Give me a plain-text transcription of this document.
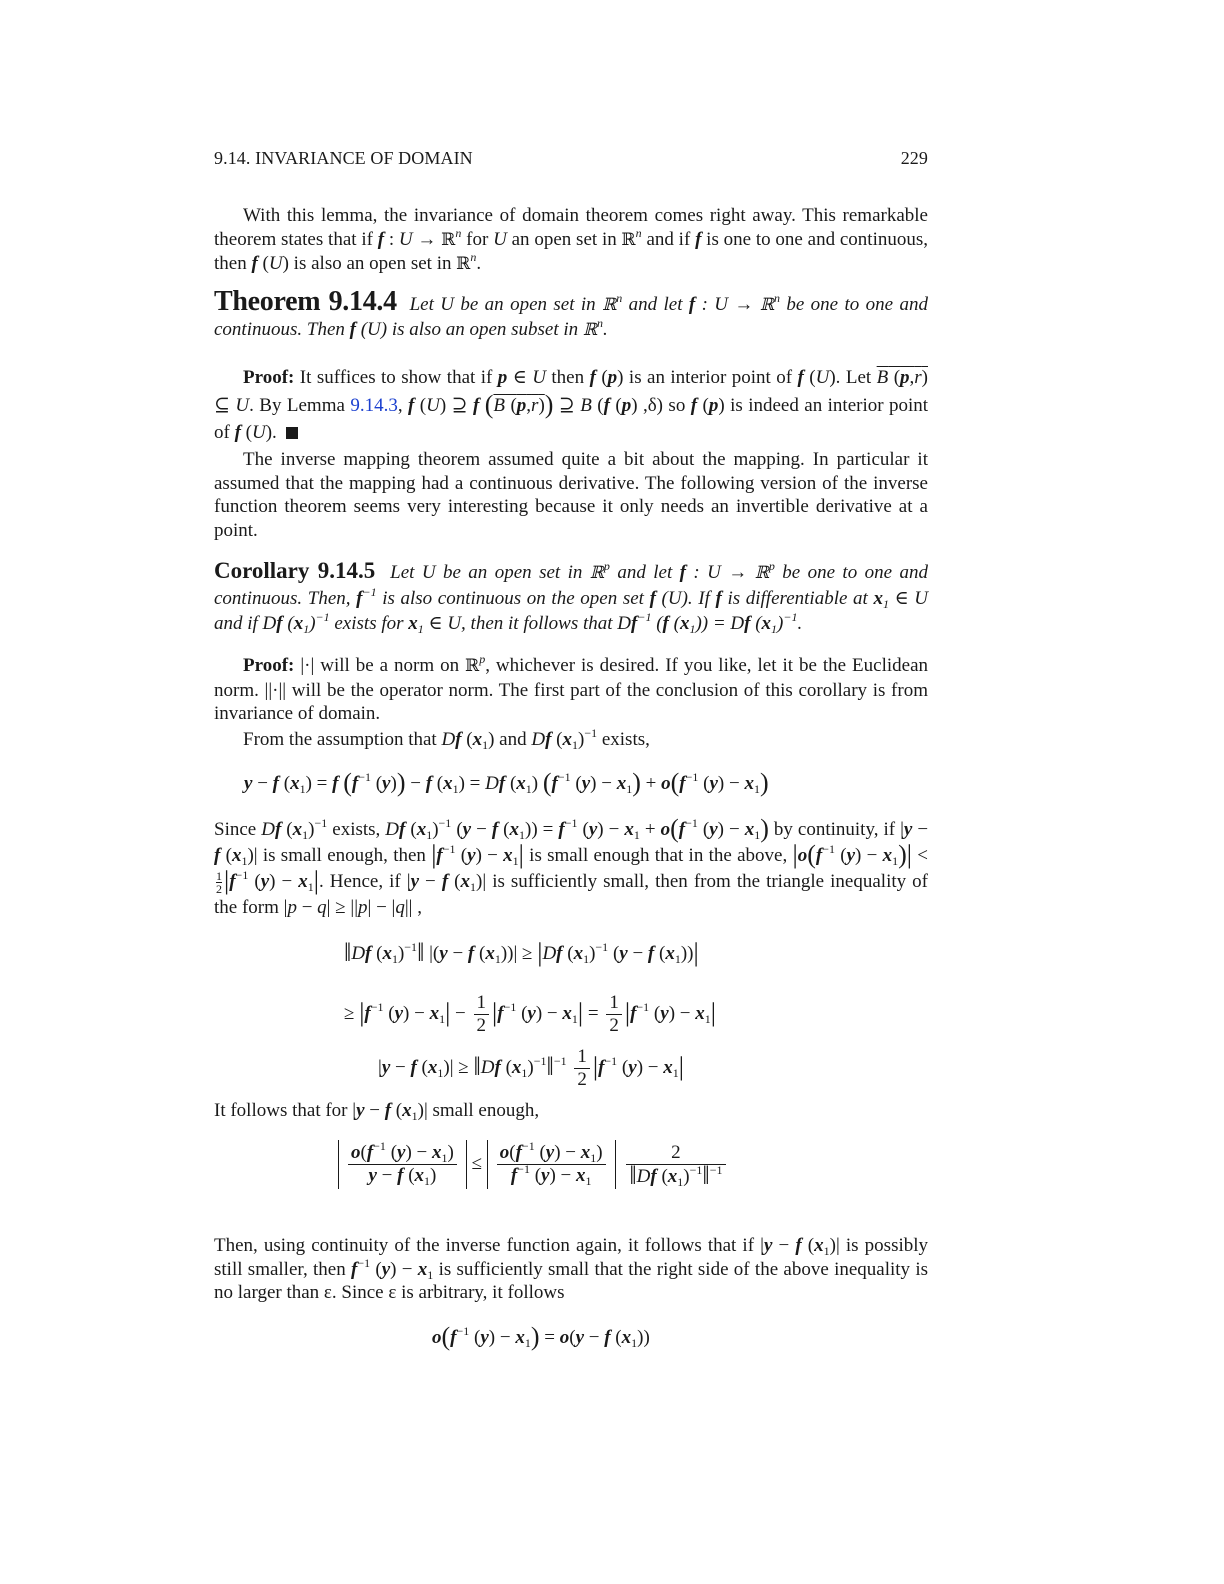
9.14. INVARIANCE OF DOMAIN	229

With this lemma, the invariance of domain theorem comes right away. This remarkable theorem states that if f : U → ℝ$^n$ for U an open set in ℝ$^n$ and if f is one to one and continuous, then f (U) is also an open set in ℝ$^n$.

Theorem 9.14.4 Let U be an open set in ℝ$^n$ and let f : U → ℝ$^n$ be one to one and continuous. Then f (U) is also an open subset in ℝ$^n$.

Proof: It suffices to show that if p ∈ U then f (p) is an interior point of f (U). Let B (p,r) ⊆ U. By Lemma 9.14.3, f (U) ⊇ f (B (p,r)) ⊇ B (f (p) ,δ) so f (p) is indeed an interior point of f (U).

The inverse mapping theorem assumed quite a bit about the mapping. In particular it assumed that the mapping had a continuous derivative. The following version of the inverse function theorem seems very interesting because it only needs an invertible derivative at a point.

Corollary 9.14.5 Let U be an open set in ℝ$^p$ and let f : U → ℝ$^p$ be one to one and continuous. Then, $f^{-1}$ is also continuous on the open set f (U). If f is differentiable at $x_1$ ∈ U and if Df $(x_1)^{-1}$ exists for $x_1$ ∈ U, then it follows that $Df^{-1}$ (f $(x_1)) = Df$ $(x_1)^{-1}$.

Proof: |·| will be a norm on ℝ$^p$, whichever is desired. If you like, let it be the Euclidean norm. ||·|| will be the operator norm. The first part of the conclusion of this corollary is from invariance of domain.

From the assumption that Df $(x_1)$ and Df $(x_1)^{-1}$ exists,

y − f $(x_1) = f$ ($f^{-1}$ (y)) − f $(x_1) = Df$ $(x_1)$ ($f^{-1}$ $(y) - x_1) + o(f^{-1}$ $(y) - x_1$)

Since Df $(x_1)^{-1}$ exists, Df $(x_1)^{-1}$ (y − f $(x_1)) = f^{-1}$ $(y) - x_1 + o(f^{-1}$ $(y) - x_1$) by continuity, if |y − f $(x_1)|$ is small enough, then $|f^{-1}$ $(y) - x_1|$ is small enough that in the above, $|o(f^{-1}$ $(y) - x_1)|$ <
$\frac{1}{2} |f^{-1}$ $(y) - x_1|$. Hence, if |y − f $(x_1)|$ is sufficiently small, then from the triangle inequality of the form |p − q| ≥ ||p| − |q|| ,

‖Df $(x_1)^{-1}‖$ |(y − f $(x_1))| \ge |Df$ $(x_1)^{-1}$ (y − f $(x_1))|$
≥ $|f^{-1}$ $(y) - x_1| - \frac{1}{2} |f^{-1}$ $(y) - x_1| = \frac{1}{2} |f^{-1}$ $(y) - x_1|$
|y − f $(x_1)|$ ≥ ‖Df $(x_1)^{-1}‖^{-1} \frac{1}{2} |f^{-1}$ $(y) - x_1|$

It follows that for |y − f $(x_1)|$ small enough,

$\frac{o(f^{-1} (y) - x_1)}{y - f (x_1)} \le \frac{o(f^{-1} (y) - x_1)}{f^{-1} (y) - x_1}$
$\frac{2}{‖Df (x_1)^{-1}‖^{-1}}$

Then, using continuity of the inverse function again, it follows that if |y − f $(x_1)|$ is possibly still smaller, then $f^{-1}$ $(y) - x_1$ is sufficiently small that the right side of the above inequality is no larger than ε. Since ε is arbitrary, it follows

$o(f^{-1}$ $(y) - x_1) = o(y - f$ $(x_1)$)
